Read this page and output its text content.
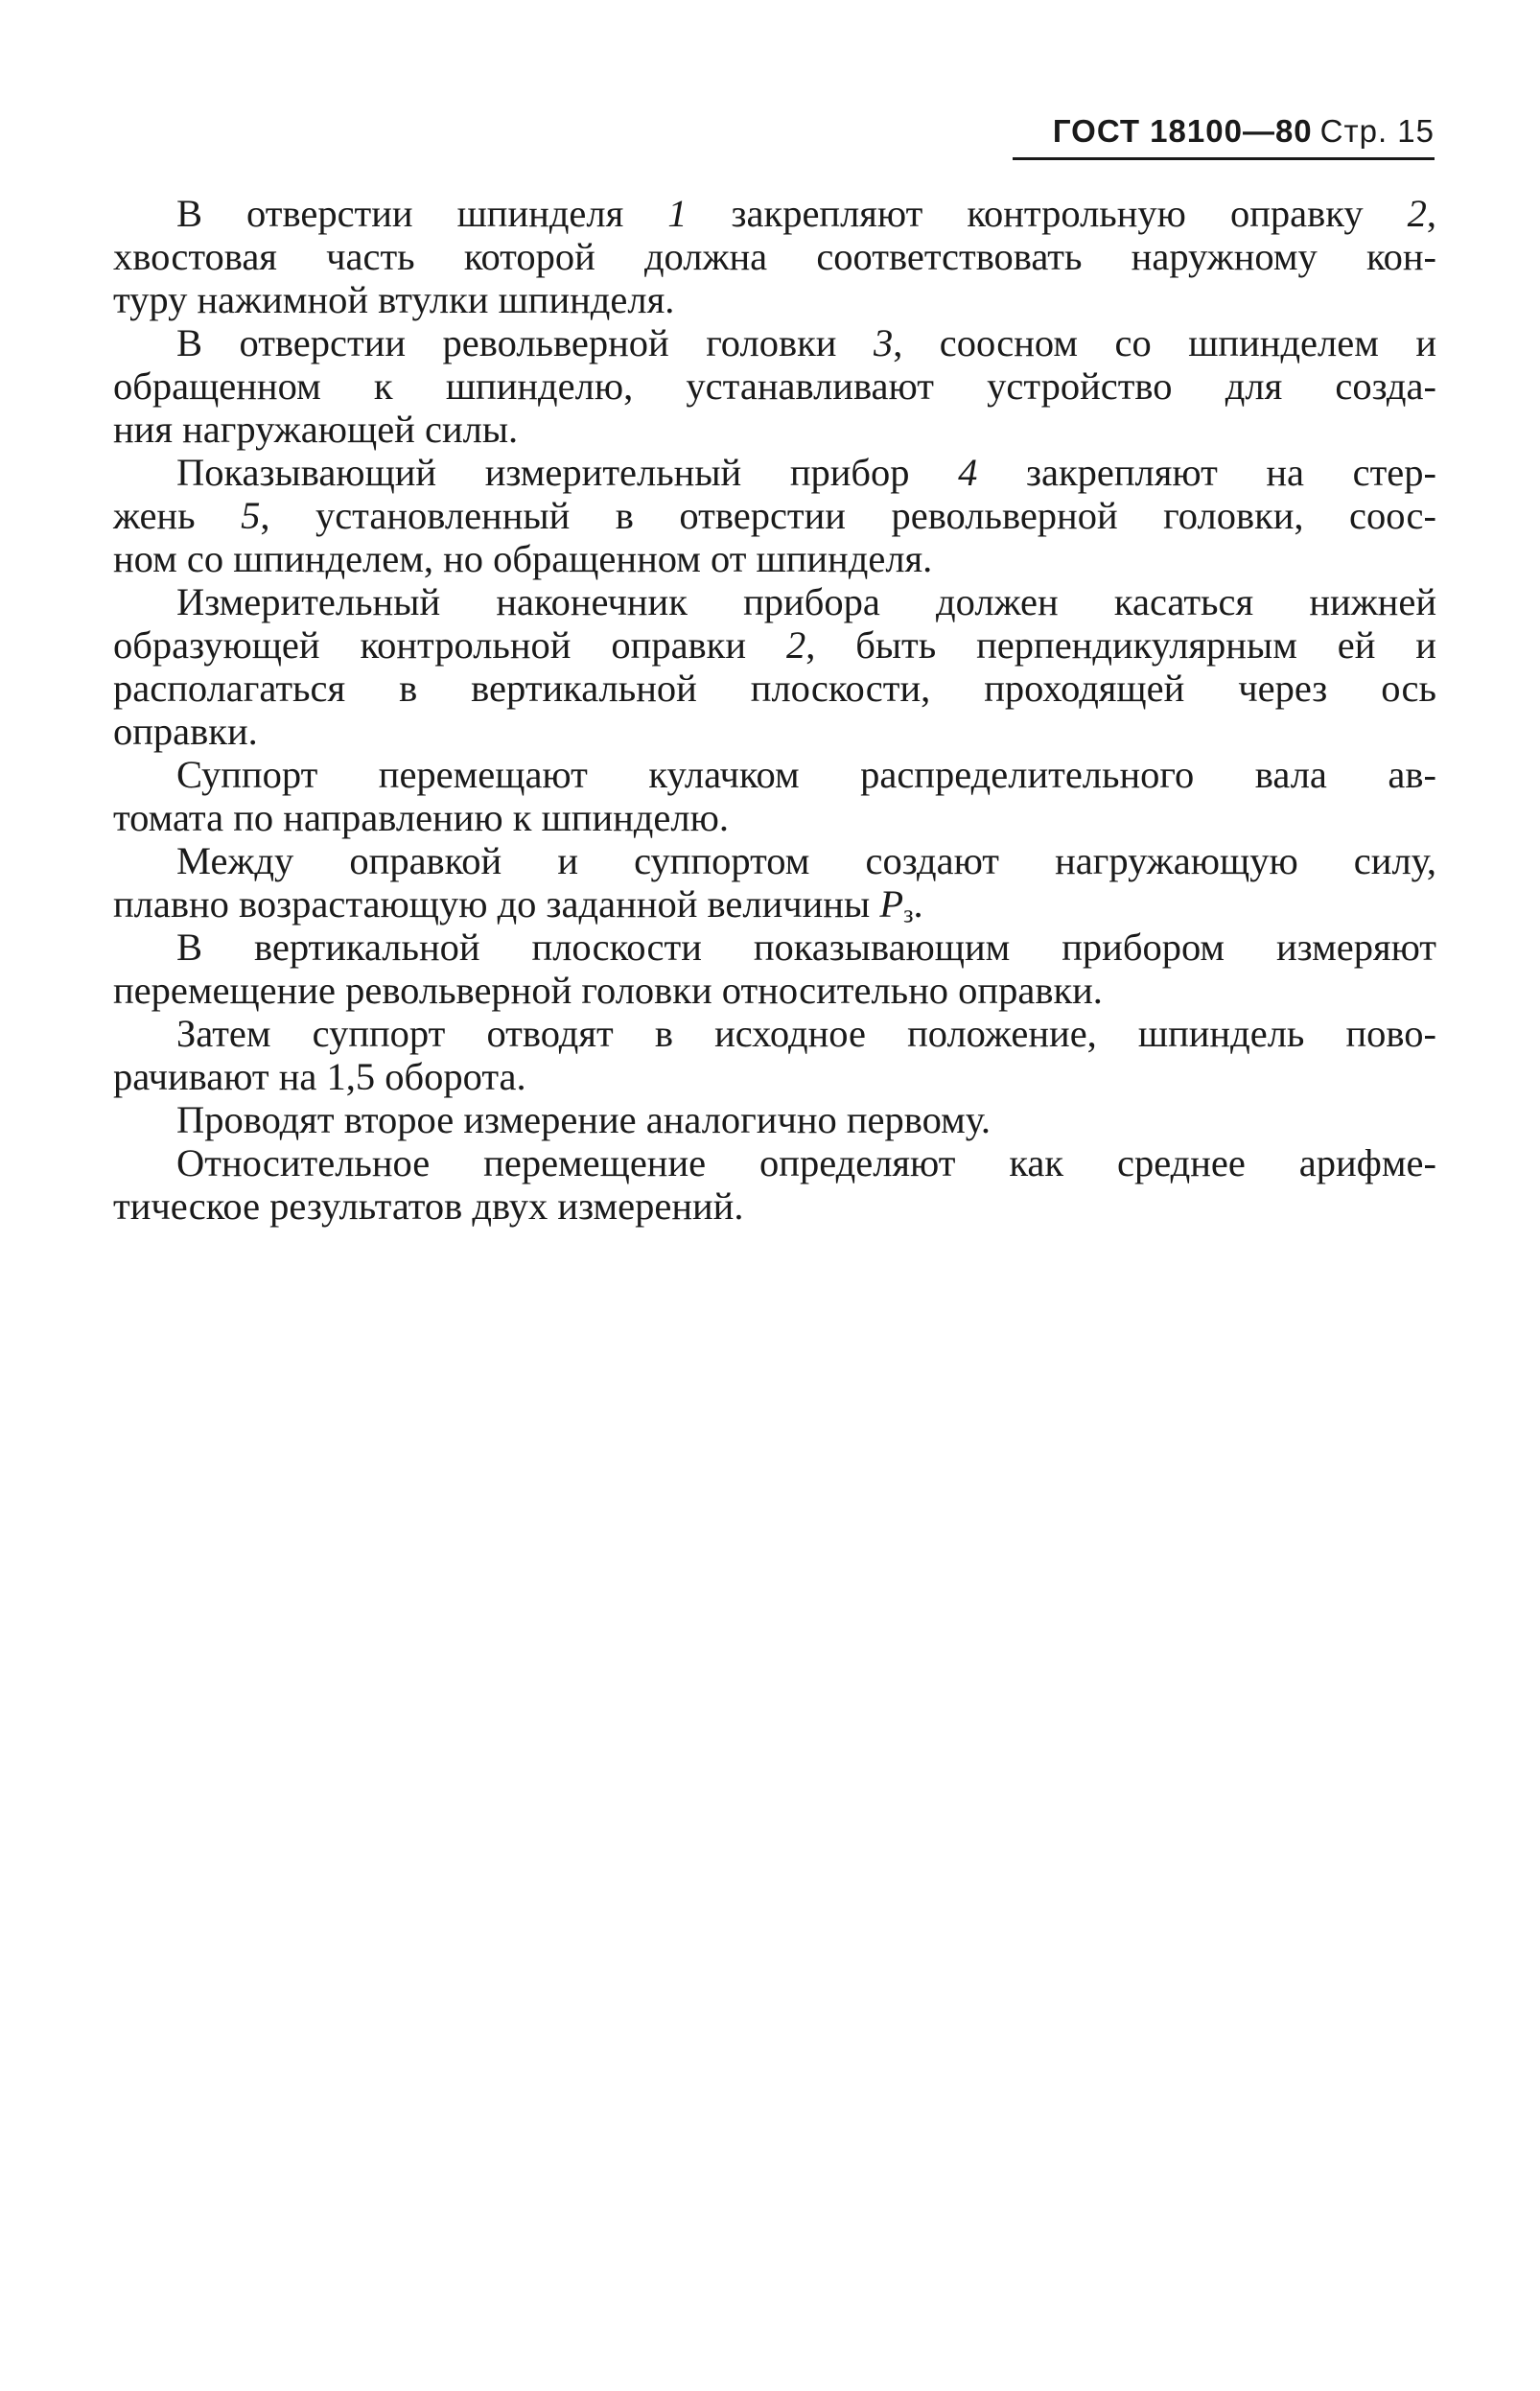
ГОСТ 18100—80 Стр. 15
В отверстии шпинделя 1 закрепляют контрольную оправку 2,
хвостовая часть которой должна соответствовать наружному кон-
туру нажимной втулки шпинделя.
В отверстии револьверной головки 3, соосном со шпинделем и
обращенном к шпинделю, устанавливают устройство для созда-
ния нагружающей силы.
Показывающий измерительный прибор 4 закрепляют на стер-
жень 5, установленный в отверстии револьверной головки, соос-
ном со шпинделем, но обращенном от шпинделя.
Измерительный наконечник прибора должен касаться нижней
образующей контрольной оправки 2, быть перпендикулярным ей и
располагаться в вертикальной плоскости, проходящей через ось
оправки.
Суппорт перемещают кулачком распределительного вала ав-
томата по направлению к шпинделю.
Между оправкой и суппортом создают нагружающую силу,
плавно возрастающую до заданной величины $P_з$.
В вертикальной плоскости показывающим прибором измеряют
перемещение револьверной головки относительно оправки.
Затем суппорт отводят в исходное положение, шпиндель пово-
рачивают на 1,5 оборота.
Проводят второе измерение аналогично первому.
Относительное перемещение определяют как среднее арифме-
тическое результатов двух измерений.
